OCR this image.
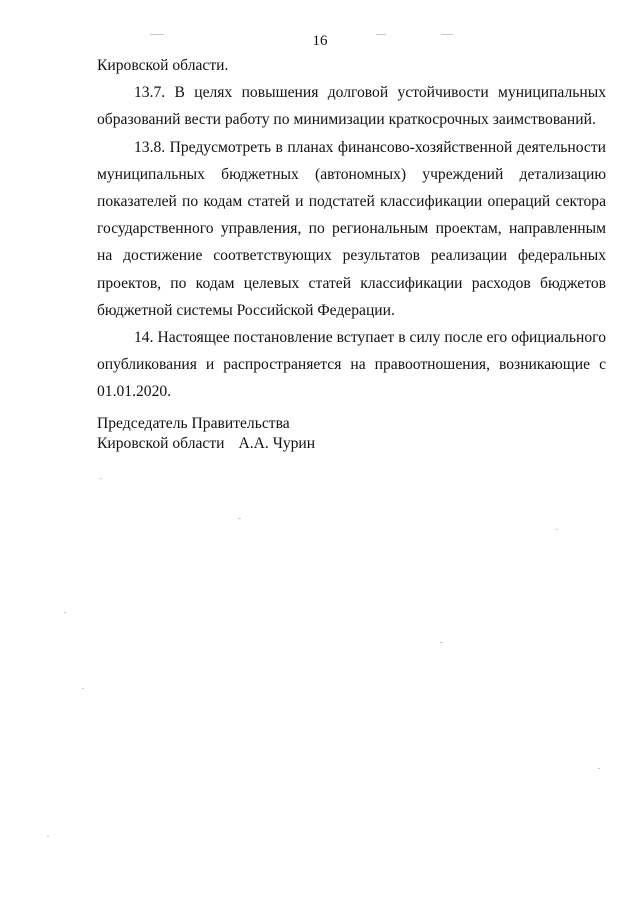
16

Кировской области.

13.7. В целях повышения долговой устойчивости муниципальных образований вести работу по минимизации краткосрочных заимствований.

13.8. Предусмотреть в планах финансово-хозяйственной деятельности муниципальных бюджетных (автономных) учреждений детализацию показателей по кодам статей и подстатей классификации операций сектора государственного управления, по региональным проектам, направленным на достижение соответствующих результатов реализации федеральных проектов, по кодам целевых статей классификации расходов бюджетов бюджетной системы Российской Федерации.

14. Настоящее постановление вступает в силу после его официального опубликования и распространяется на правоотношения, возникающие с 01.01.2020.

Председатель Правительства
Кировской области А.А. Чурин
